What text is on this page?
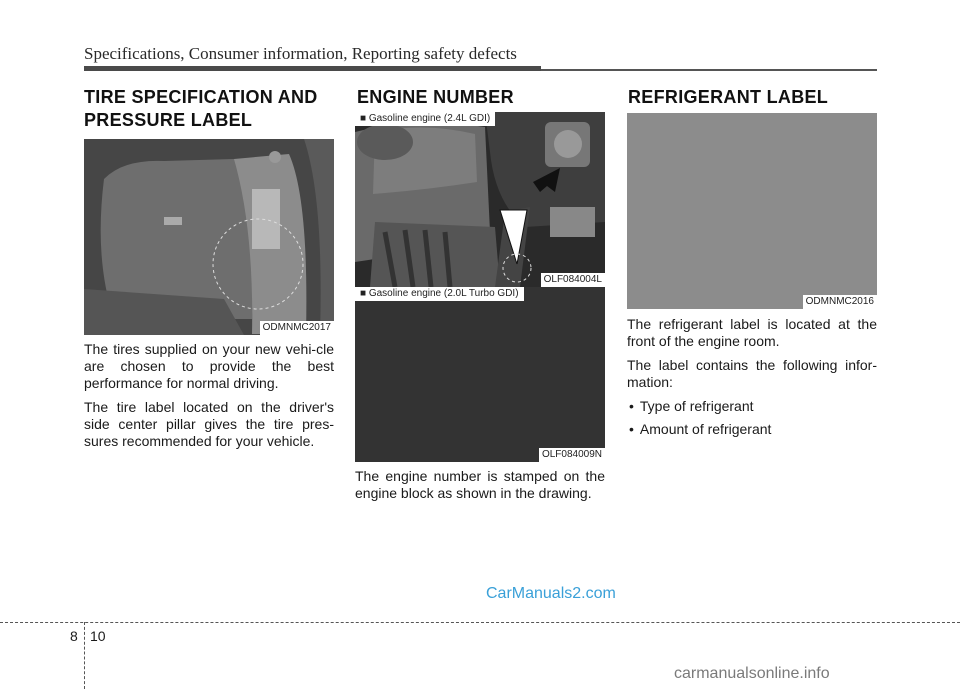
Specifications, Consumer information, Reporting safety defects
TIRE SPECIFICATION AND
PRESSURE LABEL
ODMNMC2017

The tires supplied on your new vehi-cle are chosen to provide the best performance for normal driving.

The tire label located on the driver's side center pillar gives the tire pres-sures recommended for your vehicle.

ENGINE NUMBER
■ Gasoline engine (2.4L GDI)
OLF084004L
■ Gasoline engine (2.0L Turbo GDI)
OLF084009N

The engine number is stamped on the engine block as shown in the drawing.

REFRIGERANT LABEL
ODMNMC2016

The refrigerant label is located at the front of the engine room.

The label contains the following infor-mation:

• Type of refrigerant
• Amount of refrigerant
CarManuals2.com
8 10
carmanualsonline.info
